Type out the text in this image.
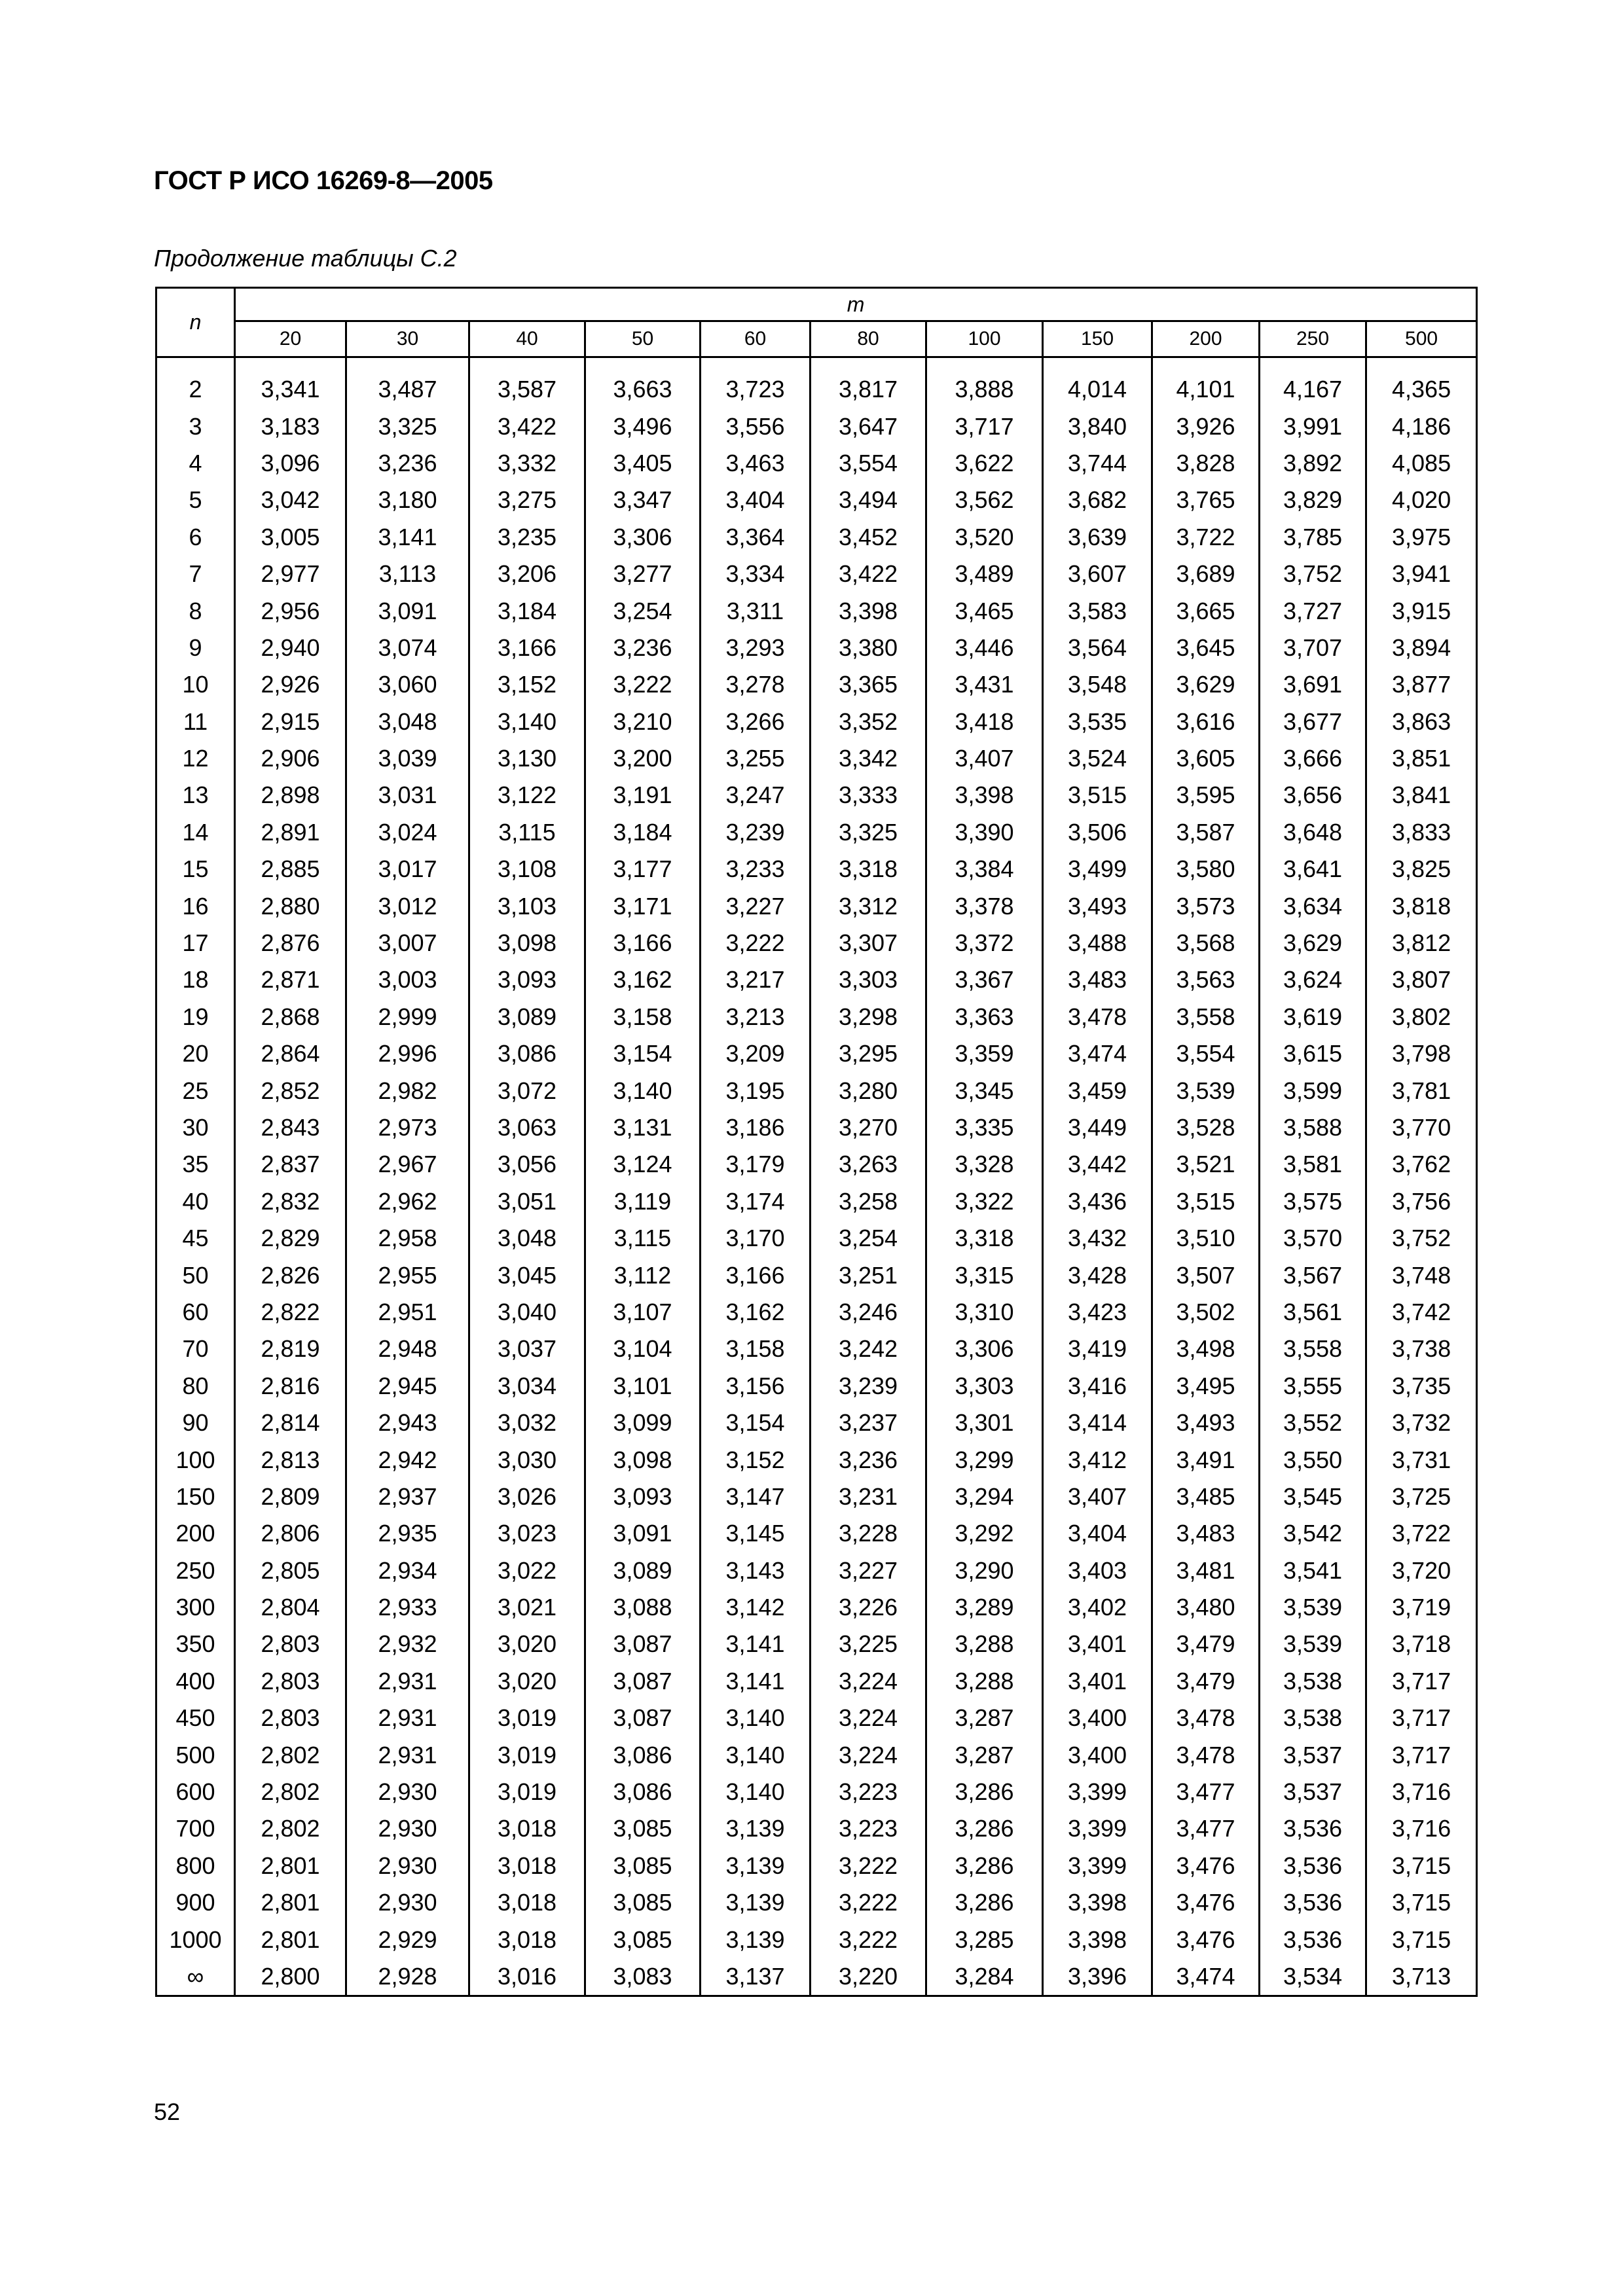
ГОСТ Р ИСО 16269-8—2005
Продолжение таблицы С.2
n	m										
	20	30	40	50	60	80	100	150	200	250	500
2	3,341	3,487	3,587	3,663	3,723	3,817	3,888	4,014	4,101	4,167	4,365
3	3,183	3,325	3,422	3,496	3,556	3,647	3,717	3,840	3,926	3,991	4,186
4	3,096	3,236	3,332	3,405	3,463	3,554	3,622	3,744	3,828	3,892	4,085
5	3,042	3,180	3,275	3,347	3,404	3,494	3,562	3,682	3,765	3,829	4,020
6	3,005	3,141	3,235	3,306	3,364	3,452	3,520	3,639	3,722	3,785	3,975
7	2,977	3,113	3,206	3,277	3,334	3,422	3,489	3,607	3,689	3,752	3,941
8	2,956	3,091	3,184	3,254	3,311	3,398	3,465	3,583	3,665	3,727	3,915
9	2,940	3,074	3,166	3,236	3,293	3,380	3,446	3,564	3,645	3,707	3,894
10	2,926	3,060	3,152	3,222	3,278	3,365	3,431	3,548	3,629	3,691	3,877
11	2,915	3,048	3,140	3,210	3,266	3,352	3,418	3,535	3,616	3,677	3,863
12	2,906	3,039	3,130	3,200	3,255	3,342	3,407	3,524	3,605	3,666	3,851
13	2,898	3,031	3,122	3,191	3,247	3,333	3,398	3,515	3,595	3,656	3,841
14	2,891	3,024	3,115	3,184	3,239	3,325	3,390	3,506	3,587	3,648	3,833
15	2,885	3,017	3,108	3,177	3,233	3,318	3,384	3,499	3,580	3,641	3,825
16	2,880	3,012	3,103	3,171	3,227	3,312	3,378	3,493	3,573	3,634	3,818
17	2,876	3,007	3,098	3,166	3,222	3,307	3,372	3,488	3,568	3,629	3,812
18	2,871	3,003	3,093	3,162	3,217	3,303	3,367	3,483	3,563	3,624	3,807
19	2,868	2,999	3,089	3,158	3,213	3,298	3,363	3,478	3,558	3,619	3,802
20	2,864	2,996	3,086	3,154	3,209	3,295	3,359	3,474	3,554	3,615	3,798
25	2,852	2,982	3,072	3,140	3,195	3,280	3,345	3,459	3,539	3,599	3,781
30	2,843	2,973	3,063	3,131	3,186	3,270	3,335	3,449	3,528	3,588	3,770
35	2,837	2,967	3,056	3,124	3,179	3,263	3,328	3,442	3,521	3,581	3,762
40	2,832	2,962	3,051	3,119	3,174	3,258	3,322	3,436	3,515	3,575	3,756
45	2,829	2,958	3,048	3,115	3,170	3,254	3,318	3,432	3,510	3,570	3,752
50	2,826	2,955	3,045	3,112	3,166	3,251	3,315	3,428	3,507	3,567	3,748
60	2,822	2,951	3,040	3,107	3,162	3,246	3,310	3,423	3,502	3,561	3,742
70	2,819	2,948	3,037	3,104	3,158	3,242	3,306	3,419	3,498	3,558	3,738
80	2,816	2,945	3,034	3,101	3,156	3,239	3,303	3,416	3,495	3,555	3,735
90	2,814	2,943	3,032	3,099	3,154	3,237	3,301	3,414	3,493	3,552	3,732
100	2,813	2,942	3,030	3,098	3,152	3,236	3,299	3,412	3,491	3,550	3,731
150	2,809	2,937	3,026	3,093	3,147	3,231	3,294	3,407	3,485	3,545	3,725
200	2,806	2,935	3,023	3,091	3,145	3,228	3,292	3,404	3,483	3,542	3,722
250	2,805	2,934	3,022	3,089	3,143	3,227	3,290	3,403	3,481	3,541	3,720
300	2,804	2,933	3,021	3,088	3,142	3,226	3,289	3,402	3,480	3,539	3,719
350	2,803	2,932	3,020	3,087	3,141	3,225	3,288	3,401	3,479	3,539	3,718
400	2,803	2,931	3,020	3,087	3,141	3,224	3,288	3,401	3,479	3,538	3,717
450	2,803	2,931	3,019	3,087	3,140	3,224	3,287	3,400	3,478	3,538	3,717
500	2,802	2,931	3,019	3,086	3,140	3,224	3,287	3,400	3,478	3,537	3,717
600	2,802	2,930	3,019	3,086	3,140	3,223	3,286	3,399	3,477	3,537	3,716
700	2,802	2,930	3,018	3,085	3,139	3,223	3,286	3,399	3,477	3,536	3,716
800	2,801	2,930	3,018	3,085	3,139	3,222	3,286	3,399	3,476	3,536	3,715
900	2,801	2,930	3,018	3,085	3,139	3,222	3,286	3,398	3,476	3,536	3,715
1000	2,801	2,929	3,018	3,085	3,139	3,222	3,285	3,398	3,476	3,536	3,715
∞	2,800	2,928	3,016	3,083	3,137	3,220	3,284	3,396	3,474	3,534	3,713
52
